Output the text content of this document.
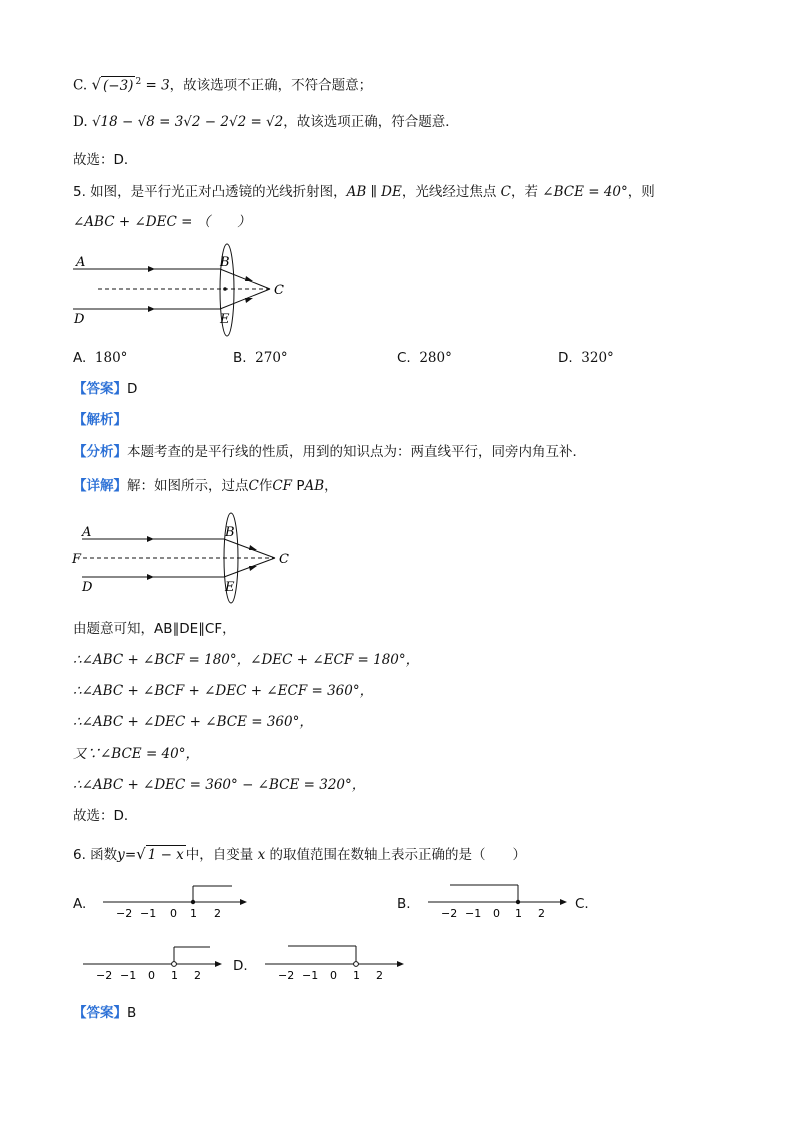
C. √ (−3) $^2$ = 3，故该选项不正确，不符合题意；
D. √18 − √8 = 3√2 − 2√2 = √2，故该选项正确，符合题意．
故选：D．
5. 如图，是平行光正对凸透镜的光线折射图，AB ∥ DE，光线经过焦点 C，若 ∠BCE = 40°，则
∠ABC + ∠DEC = （　　）
A	B
C
D	E
A. 180°	B. 270°	C. 280°	D. 320°
【答案】D
【解析】
【分析】本题考查的是平行线的性质，用到的知识点为：两直线平行，同旁内角互补．
【详解】解：如图所示，过点C作CF PAB，
A	B
C
D	E
F
由题意可知，AB∥DE∥CF，
∴∠ABC + ∠BCF = 180°，∠DEC + ∠ECF = 180°，
∴∠ABC + ∠BCF + ∠DEC + ∠ECF = 360°，
∴∠ABC + ∠DEC + ∠BCE = 360°，
又∵∠BCE = 40°，
∴∠ABC + ∠DEC = 360° − ∠BCE = 320°，
故选：D．
6. 函数y=√ 1 − x 中，自变量 x 的取值范围在数轴上表示正确的是（　　）
A.	B.	C.
D.
−2 −1 0 1 2	−2 −1 0 1 2
−2 −1 0 1 2	−2 −1 0 1 2
【答案】B
